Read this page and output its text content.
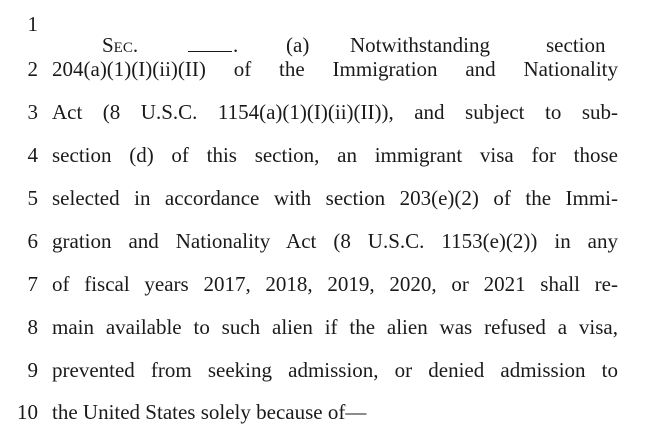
1
Sec.	. (a) Notwithstanding	section
2 204(a)(1)(I)(ii)(II) of the Immigration and Nationality
3 Act (8 U.S.C. 1154(a)(1)(I)(ii)(II)), and subject to sub-
4 section (d) of this section, an immigrant visa for those
5 selected in accordance with section 203(e)(2) of the Immi-
6 gration and Nationality Act (8 U.S.C. 1153(e)(2)) in any
7 of fiscal years 2017, 2018, 2019, 2020, or 2021 shall re-
8 main available to such alien if the alien was refused a visa,
9 prevented from seeking admission, or denied admission to
10 the United States solely because of—
